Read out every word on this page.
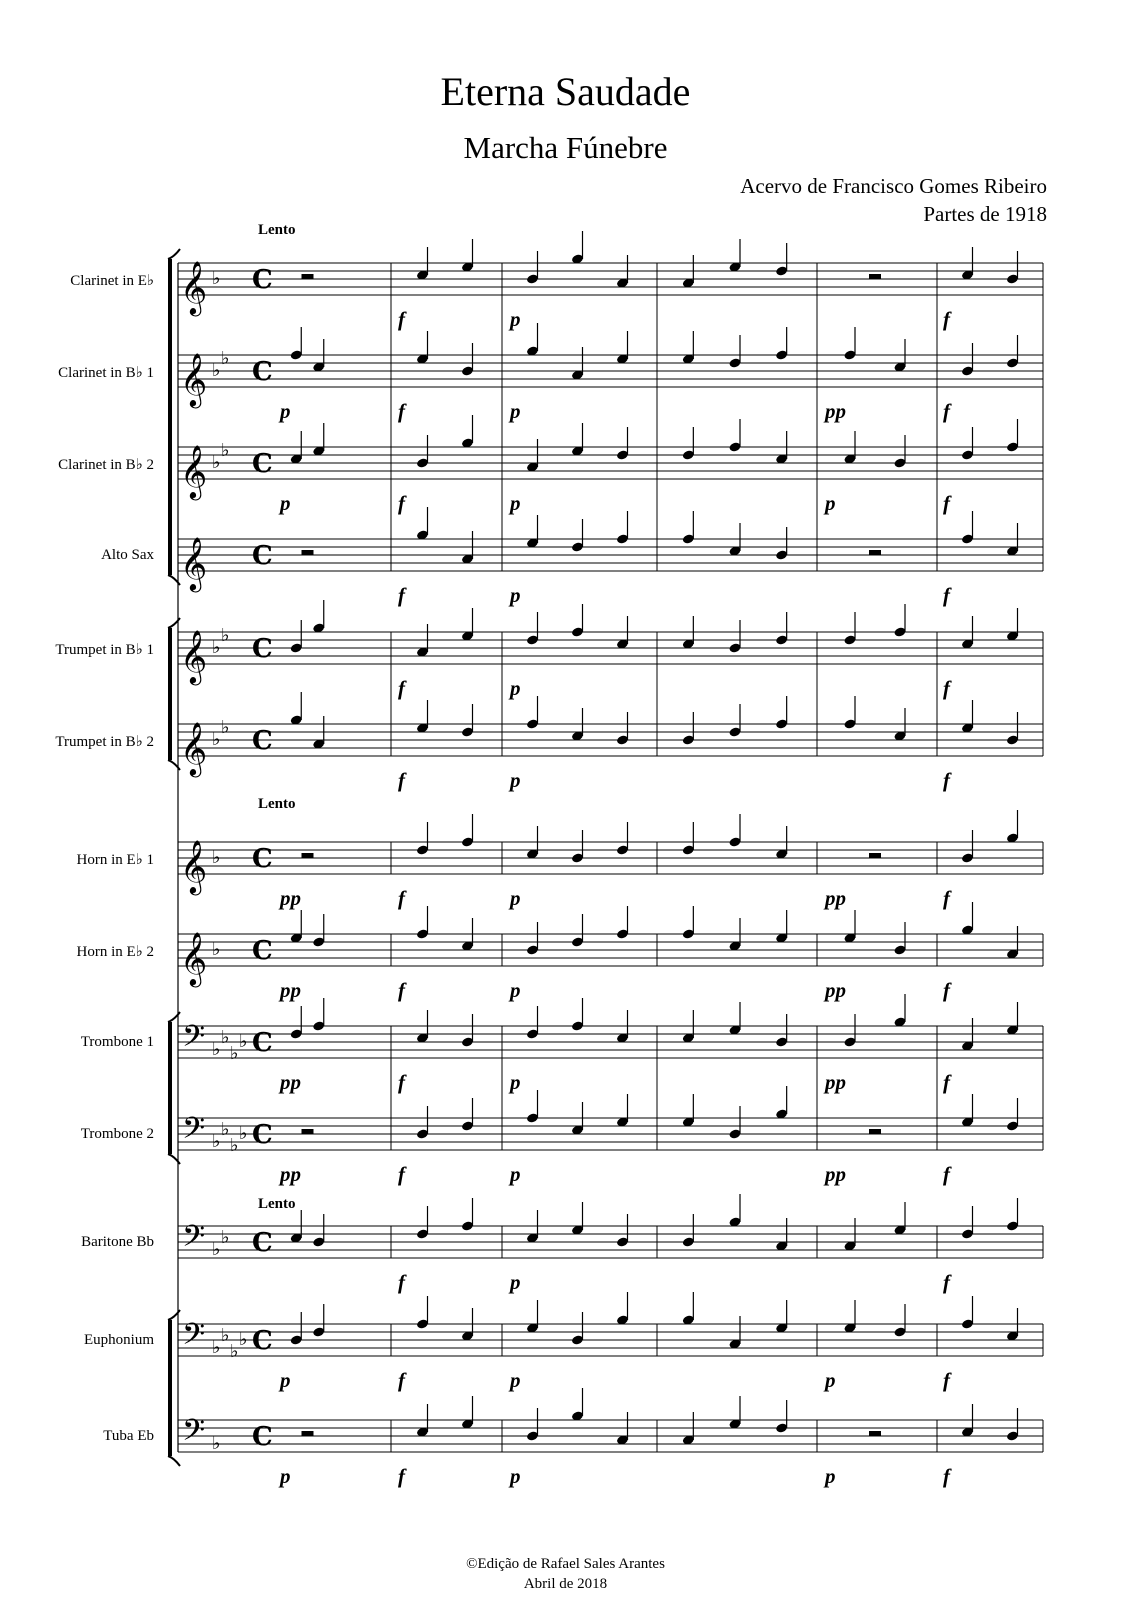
Eterna Saudade
Marcha Fúnebre
Acervo de Francisco Gomes Ribeiro
Partes de 1918
Lento
Lento
Lento
Clarinet in E♭
Clarinet in B♭ 1
Clarinet in B♭ 2
Alto Sax
Trumpet in B♭ 1
Trumpet in B♭ 2
Horn in E♭ 1
Horn in E♭ 2
Trombone 1
Trombone 2
Baritone Bb
Euphonium
Tuba Eb
f	p	f
p	f	p	pp	f
p	f	p	p	f
f	p	f
f	p	f
f	p	f
pp	f	p	pp	f
pp	f	p	pp	f
pp	f	p	pp	f
pp	f	p	pp	f
f	p	f
p	f	p	p	f
p	f	p	p	f
𝄞 ♭ C
𝄞 ♭
♭ C
𝄞 ♭
♭ C
𝄞 C
𝄞 ♭
♭ C
𝄞 ♭
♭ C
𝄞 ♭ C
𝄞 ♭ C
𝄢 ♭
♭
♭
♭ C
𝄢 ♭
♭
♭
♭ C
𝄢 ♭
♭ C
𝄢 ♭
♭
♭
♭ C
𝄢 ♭ C
©Edição de Rafael Sales Arantes
Abril de 2018
